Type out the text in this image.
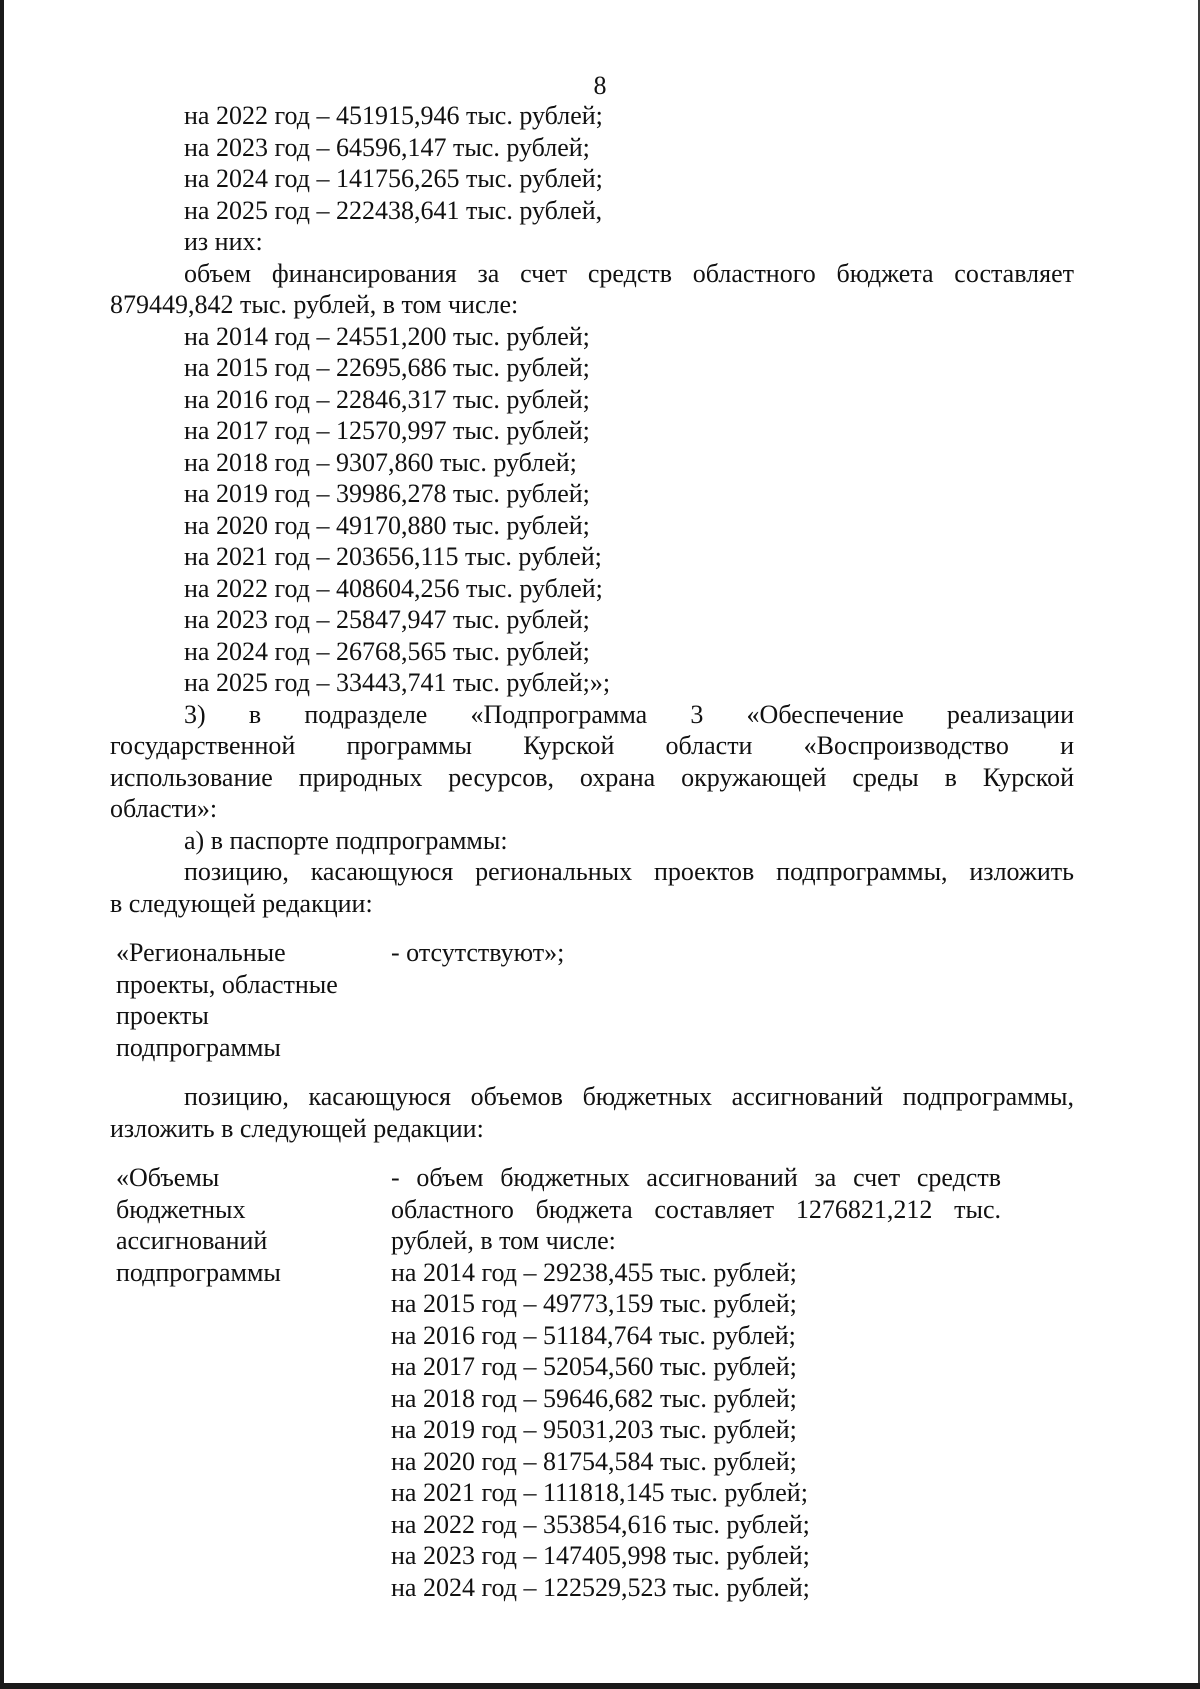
8
на 2022 год – 451915,946 тыс. рублей;
на 2023 год – 64596,147 тыс. рублей;
на 2024 год – 141756,265 тыс. рублей;
на 2025 год – 222438,641 тыс. рублей,
из них:
объем финансирования за счет средств областного бюджета составляет
879449,842 тыс. рублей, в том числе:
на 2014 год – 24551,200 тыс. рублей;
на 2015 год – 22695,686 тыс. рублей;
на 2016 год – 22846,317 тыс. рублей;
на 2017 год – 12570,997 тыс. рублей;
на 2018 год – 9307,860 тыс. рублей;
на 2019 год – 39986,278 тыс. рублей;
на 2020 год – 49170,880 тыс. рублей;
на 2021 год – 203656,115 тыс. рублей;
на 2022 год – 408604,256 тыс. рублей;
на 2023 год – 25847,947 тыс. рублей;
на 2024 год – 26768,565 тыс. рублей;
на 2025 год – 33443,741 тыс. рублей;»;
3) в подразделе «Подпрограмма 3 «Обеспечение реализации
государственной программы Курской области «Воспроизводство и
использование природных ресурсов, охрана окружающей среды в Курской
области»:
а) в паспорте подпрограммы:
позицию, касающуюся региональных проектов подпрограммы, изложить
в следующей редакции:
«Региональные
проекты, областные
проекты
подпрограммы
- отсутствуют»;
позицию, касающуюся объемов бюджетных ассигнований подпрограммы,
изложить в следующей редакции:
«Объемы
бюджетных
ассигнований
подпрограммы
- объем бюджетных ассигнований за счет средств
областного бюджета составляет 1276821,212 тыс.
рублей, в том числе:
на 2014 год – 29238,455 тыс. рублей;
на 2015 год – 49773,159 тыс. рублей;
на 2016 год – 51184,764 тыс. рублей;
на 2017 год – 52054,560 тыс. рублей;
на 2018 год – 59646,682 тыс. рублей;
на 2019 год – 95031,203 тыс. рублей;
на 2020 год – 81754,584 тыс. рублей;
на 2021 год – 111818,145 тыс. рублей;
на 2022 год – 353854,616 тыс. рублей;
на 2023 год – 147405,998 тыс. рублей;
на 2024 год – 122529,523 тыс. рублей;
